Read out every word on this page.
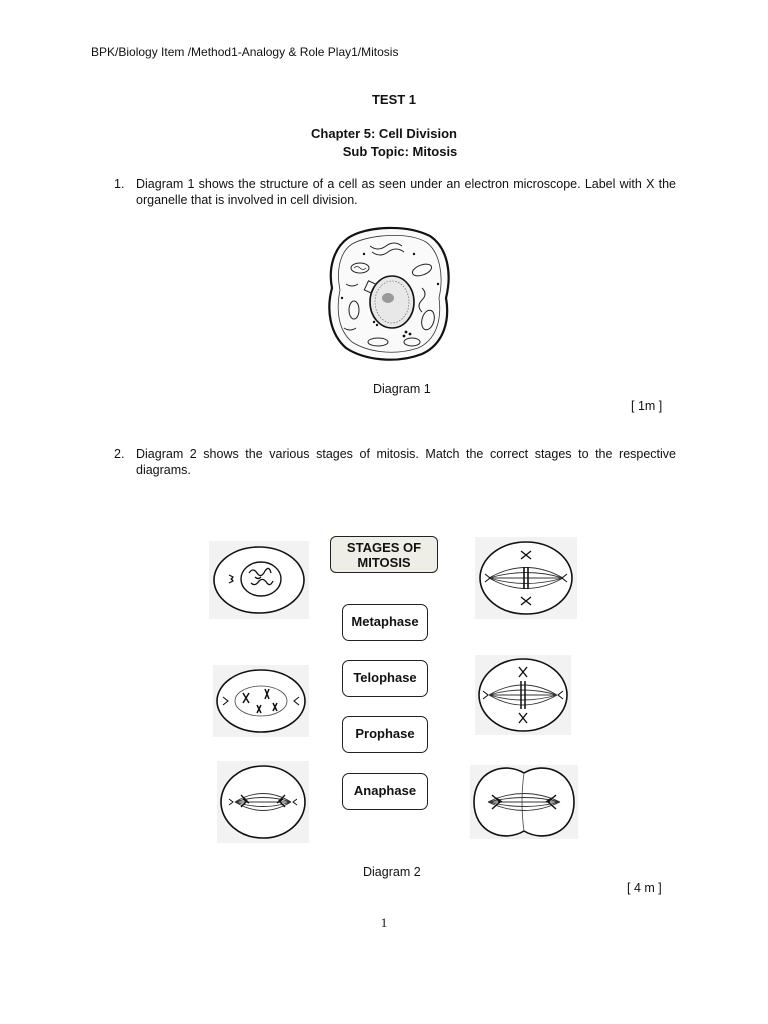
BPK/Biology Item /Method1-Analogy & Role Play1/Mitosis
TEST 1
Chapter 5: Cell Division
Sub Topic: Mitosis
1. Diagram 1 shows the structure of a cell as seen under an electron microscope. Label with X the organelle that is involved in cell division.
Diagram 1
[ 1m ]
2. Diagram 2 shows the various stages of mitosis. Match the correct stages to the respective diagrams.
STAGES OF
MITOSIS
Metaphase
Telophase
Prophase
Anaphase
Diagram 2
[ 4 m ]
1
